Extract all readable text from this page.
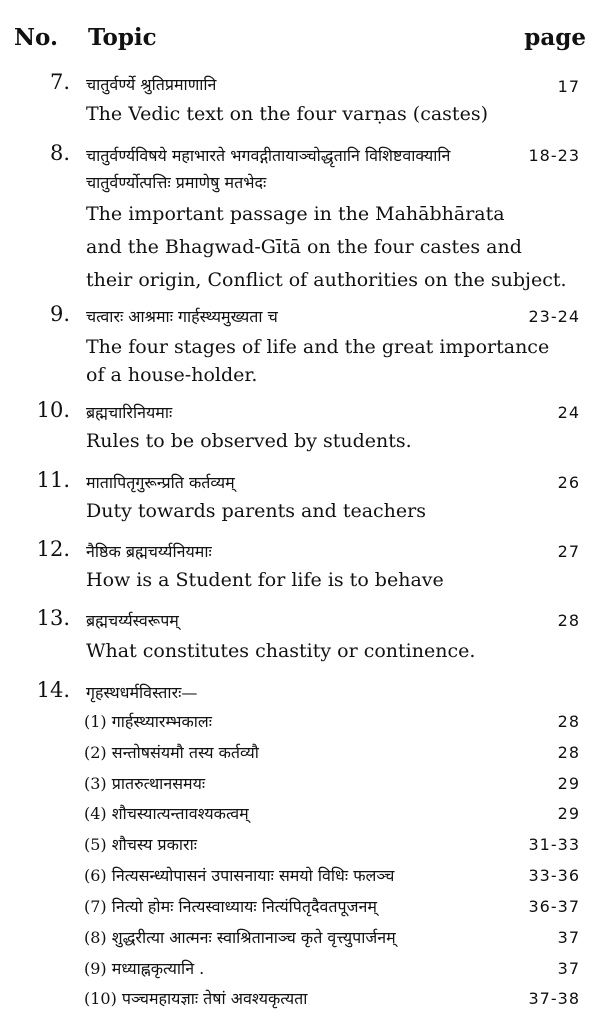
No. Topic	page
7. चातुर्वर्ण्ये श्रुतिप्रमाणानि	17
The Vedic text on the four varṇas (castes)
8. चातुर्वर्ण्यविषये महाभारते भगवद्गीतायाञ्चोद्धृतानि विशिष्टवाक्यानि	18-23
चातुर्वर्ण्योत्पत्तिः प्रमाणेषु मतभेदः
The important passage in the Mahābhārata
and the Bhagwad-Gītā on the four castes and
their origin, Conflict of authorities on the subject.
9. चत्वारः आश्रमाः गार्हस्थ्यमुख्यता च	23-24
The four stages of life and the great importance
of a house-holder.
10. ब्रह्मचारिनियमाः	24
Rules to be observed by students.
11. मातापितृगुरून्प्रति कर्तव्यम्	26
Duty towards parents and teachers
12. नैष्ठिक ब्रह्मचर्य्यनियमाः	27
How is a Student for life is to behave
13. ब्रह्मचर्य्यस्वरूपम्	28
What constitutes chastity or continence.
14. गृहस्थधर्मविस्तारः—
(1) गार्हस्थ्यारम्भकालः	28
(2) सन्तोषसंयमौ तस्य कर्तव्यौ	28
(3) प्रातरुत्थानसमयः	29
(4) शौचस्यात्यन्तावश्यकत्वम्	29
(5) शौचस्य प्रकाराः	31-33
(6) नित्यसन्ध्योपासनं उपासनायाः समयो विधिः फलञ्च	33-36
(7) नित्यो होमः नित्यस्वाध्यायः नित्यंपितृदैवतपूजनम्	36-37
(8) शुद्धरीत्या आत्मनः स्वाश्रितानाञ्च कृते वृत्त्युपार्जनम्	37
(9) मध्याह्नकृत्यानि .	37
(10) पञ्चमहायज्ञाः तेषां अवश्यकृत्यता	37-38
